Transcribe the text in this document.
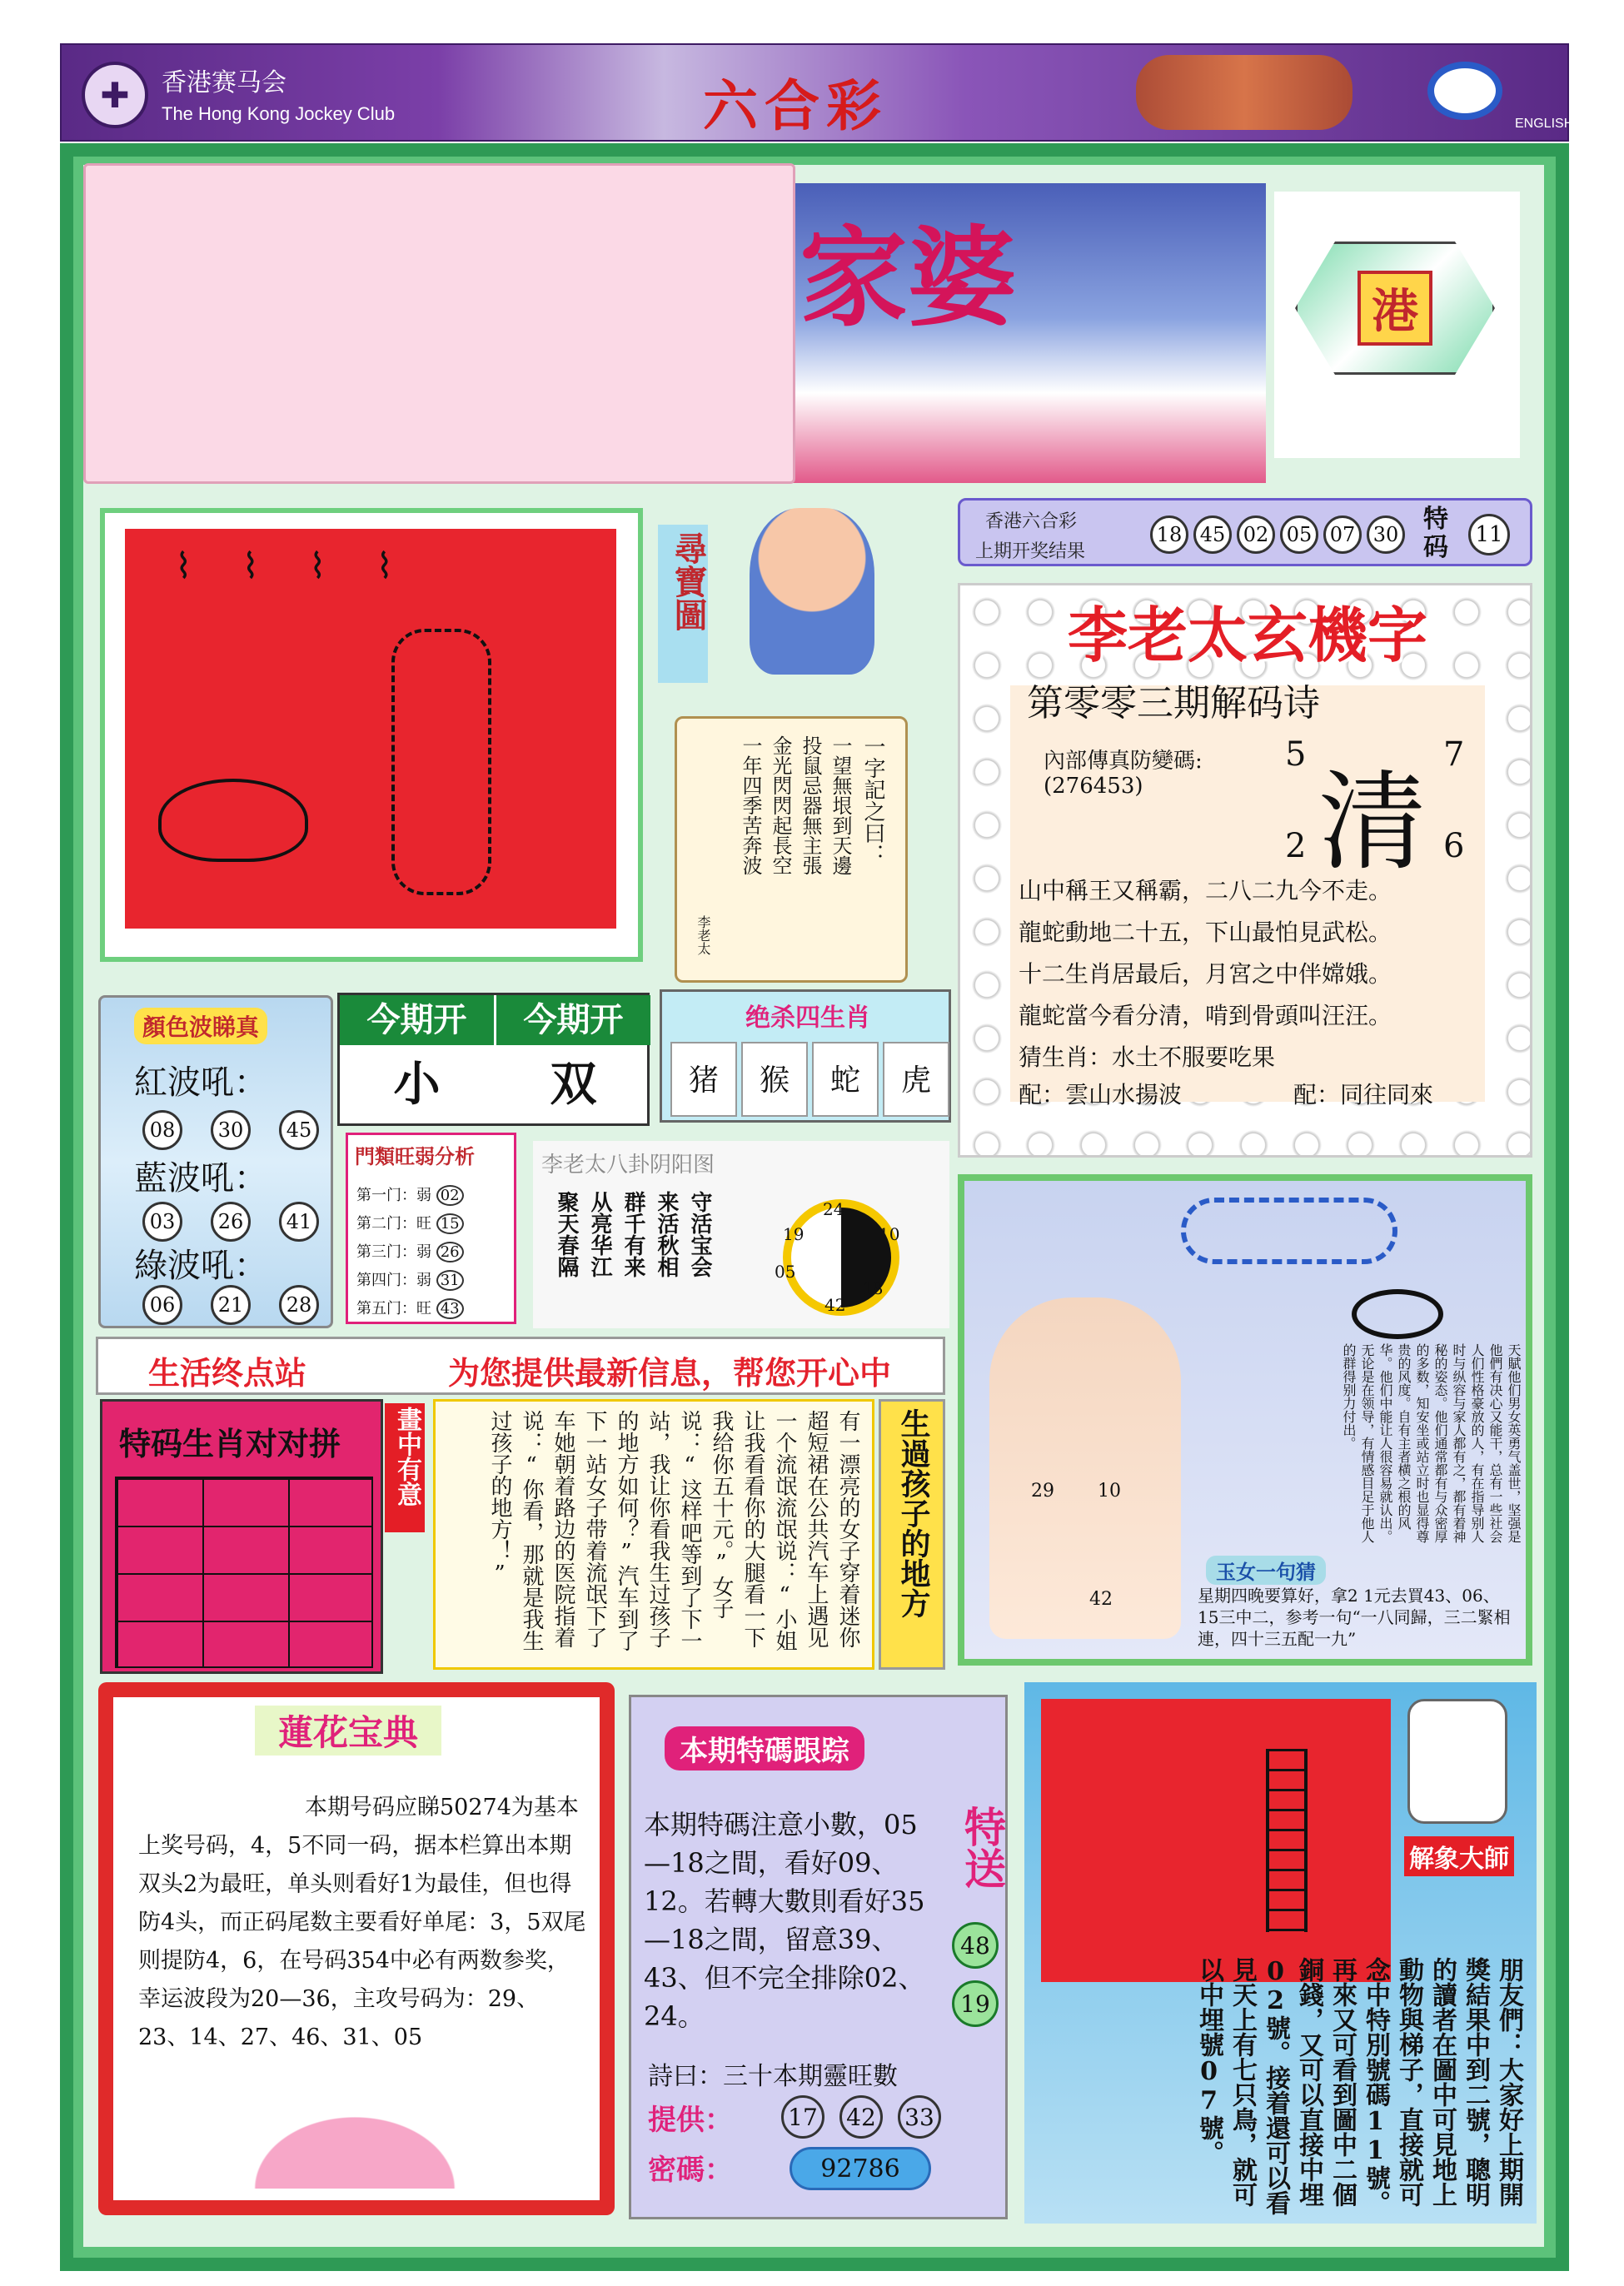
✚	香港赛马会
The Hong Kong Jockey Club	六合彩	ENGLISH
家婆	港
⌇⌇⌇⌇	尋寶圖
一字記之曰：
一望無垠到天邊
投鼠忌器無主張
金光閃閃起長空
一年四季苦奔波
李老太
香港六合彩
上期开奖结果
18 45 02 05 07 30
特码	11
李老太玄機字
第零零三期解码诗
內部傳真防變碼:
(276453) 清
5	7
2	6
山中稱王又稱霸，二八二九今不走。
龍蛇動地二十五，下山最怕見武松。
十二生肖居最后，月宮之中伴嫦娥。
龍蛇當今看分清，啃到骨頭叫汪汪。
猜生肖：水土不服要吃果
配：雲山水揚波	配：同往同來
顏色波睇真
紅波吼：
08	30	45
藍波吼：
03	26	41
綠波吼：
06	21	28
今期开	今期开
小	双
绝杀四生肖
猪	猴	蛇	虎
門類旺弱分析
第一门：弱 02
第二门：旺 15
第三门：弱 26
第四门：弱 31
第五门：旺 43
李老太八卦阴阳图
聚天春隔 从亮华江 群千有来 来活秋相 守活宝会	24
10
18
42
05
19
29 10
42
天賦他们男女英勇气盖世，坚强是他們有决心又能干，总有一些社会人们性格豪放的人，有在指导别人时与纵容与家人都有之，都有着神秘的姿态。他们通常都有与众密厚的多数，知安坐或站立时也显得尊贵的风度。自有主者横之根的风华。他们中能让人很容易就认出。无论是在领导，有情感目足于他人的群得别力付出。
玉女一句猜
星期四晚要算好，拿2 1元去買43、06、15三中二，参考一句“一八同歸，三二緊相連，四十三五配一九”
生活终点站	为您提供最新信息，帮您开心中
特码生肖对对拼	畫中有意	有一漂亮的女子穿着迷你超短裙在公共汽车上遇见一个流氓流氓说：“小姐让我看看你的大腿看一下我给你五十元。”女子说：“这样吧等到了下一站，我让你看我生过孩子的地方如何？”汽车到了下一站女子带着流氓下了车她朝着路边的医院指着说：“你看，那就是我生过孩子的地方！”	生過孩子的地方
蓮花宝典
本期号码应睇50274为基本上奖号码，4，5不同一码，据本栏算出本期双头2为最旺，单头则看好1为最佳，但也得防4头，而正码尾数主要看好单尾：3，5双尾则提防4，6，在号码354中必有两数参奖，幸运波段为20—36，主攻号码为：29、23、14、27、46、31、05
本期特碼跟踪
本期特碼注意小數，05—18之間，看好09、12。若轉大數則看好35—18之間，留意39、43、但不完全排除02、24。
特送
48
19
詩曰：三十本期靈旺數
提供： 17 42 33
密碼：	92786
解象大師
朋友們：大家好上期開獎結果中到二號，聰明的讀者在圖中可見地上動物與梯子，直接就可念中特別號碼11號。再來又可看到圖中二個銅錢，又可以直接中埋02號。接着還可以看見天上有七只鳥，就可以中埋號07號。
